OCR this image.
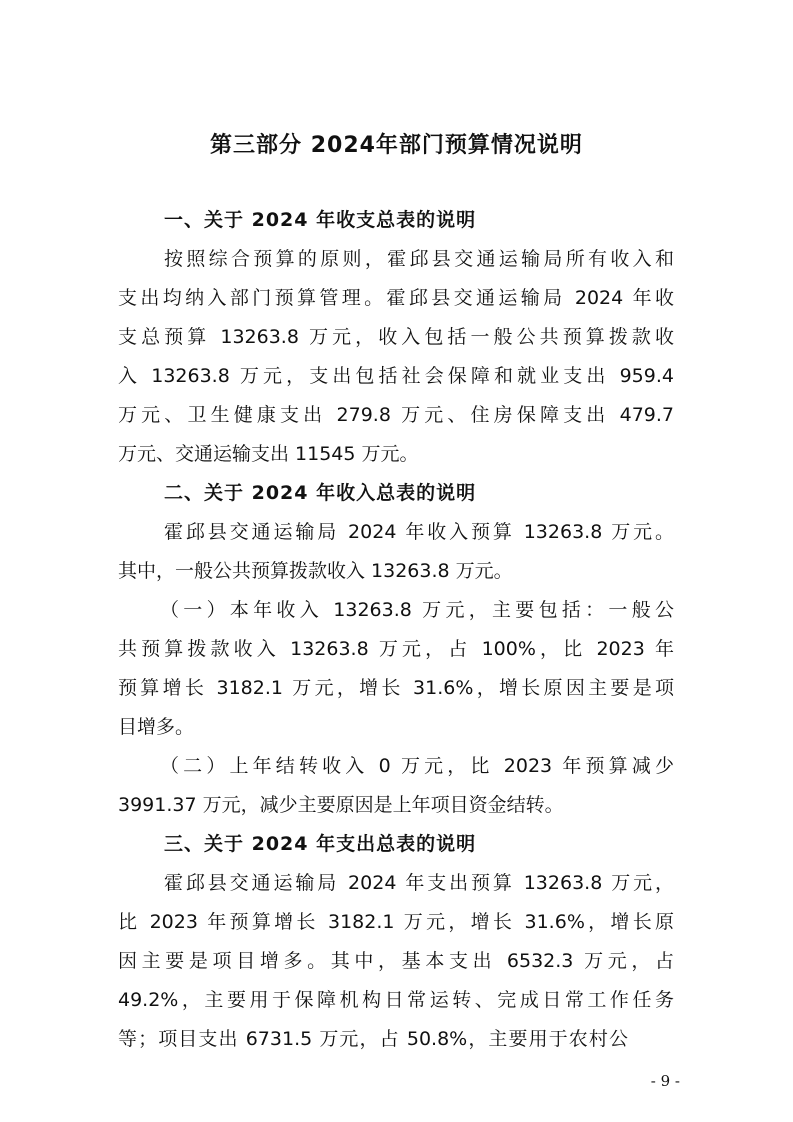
第三部分 2024年部门预算情况说明
一、关于 2024 年收支总表的说明
按照综合预算的原则，霍邱县交通运输局所有收入和
支出均纳入部门预算管理。霍邱县交通运输局 2024 年收
支总预算 13263.8 万元，收入包括一般公共预算拨款收
入 13263.8 万元，支出包括社会保障和就业支出 959.4
万元、卫生健康支出 279.8 万元、住房保障支出 479.7
万元、交通运输支出 11545 万元。
二、关于 2024 年收入总表的说明
霍邱县交通运输局 2024 年收入预算 13263.8 万元。
其中，一般公共预算拨款收入 13263.8 万元。
（一）本年收入 13263.8 万元，主要包括：一般公
共预算拨款收入 13263.8 万元，占 100%，比 2023 年
预算增长 3182.1 万元，增长 31.6%，增长原因主要是项
目增多。
（二）上年结转收入 0 万元，比 2023 年预算减少
3991.37 万元，减少主要原因是上年项目资金结转。
三、关于 2024 年支出总表的说明
霍邱县交通运输局 2024 年支出预算 13263.8 万元，
比 2023 年预算增长 3182.1 万元，增长 31.6%，增长原
因主要是项目增多。其中，基本支出 6532.3 万元，占
49.2%，主要用于保障机构日常运转、完成日常工作任务
等；项目支出 6731.5 万元，占 50.8%，主要用于农村公
- 9 -
